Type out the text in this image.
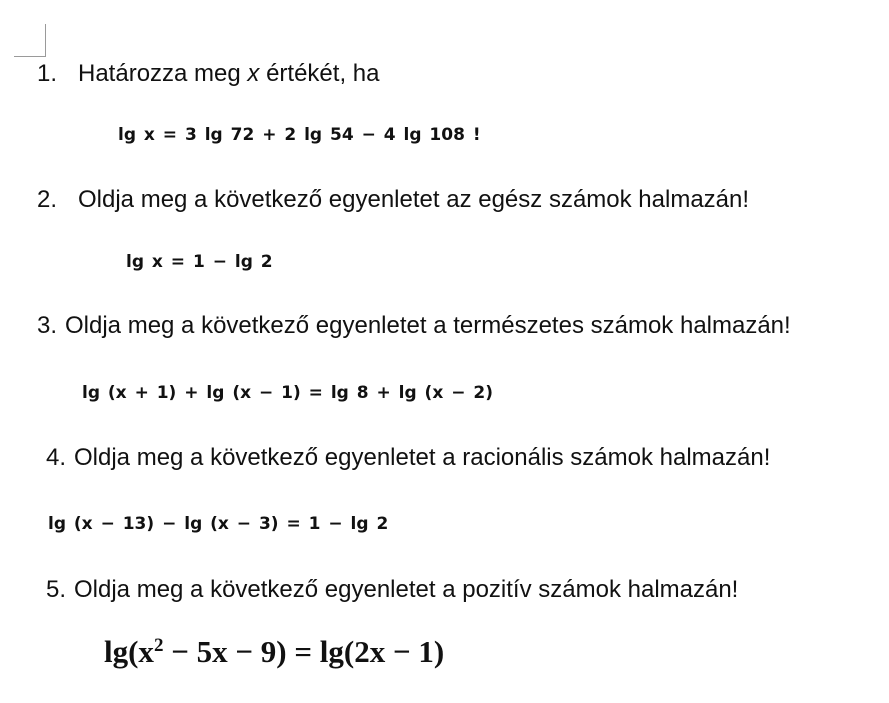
1. Határozza meg x értékét, ha
lg x = 3 lg 72 + 2 lg 54 − 4 lg 108 !
2. Oldja meg a következő egyenletet az egész számok halmazán!
lg x = 1 − lg 2
3. Oldja meg a következő egyenletet a természetes számok halmazán!
lg (x + 1) + lg (x − 1) = lg 8 + lg (x − 2)
4. Oldja meg a következő egyenletet a racionális számok halmazán!
lg (x − 13) − lg (x − 3) = 1 − lg 2
5. Oldja meg a következő egyenletet a pozitív számok halmazán!
$\lg(x^2 - 5x - 9) = \lg(2x - 1)$
